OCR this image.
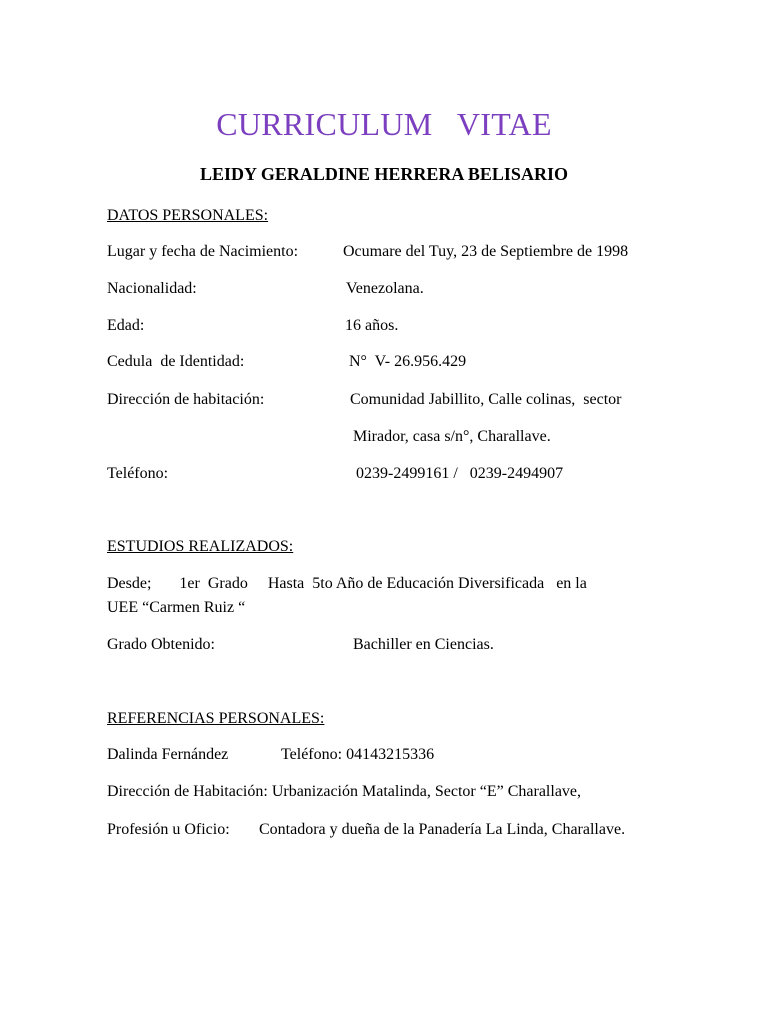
CURRICULUM   VITAE
LEIDY GERALDINE HERRERA BELISARIO
DATOS PERSONALES:
Lugar y fecha de Nacimiento:	Ocumare del Tuy, 23 de Septiembre de 1998
Nacionalidad:	Venezolana.
Edad:	16 años.
Cedula  de Identidad:	N°  V- 26.956.429
Dirección de habitación:	Comunidad Jabillito, Calle colinas,  sector
Mirador, casa s/n°, Charallave.
Teléfono:	0239-2499161 /   0239-2494907
ESTUDIOS REALIZADOS:
Desde;       1er  Grado     Hasta  5to Año de Educación Diversificada   en la
UEE “Carmen Ruiz “
Grado Obtenido:	Bachiller en Ciencias.
REFERENCIAS PERSONALES:
Dalinda Fernández	Teléfono: 04143215336
Dirección de Habitación: Urbanización Matalinda, Sector “E” Charallave,
Profesión u Oficio: Contadora y dueña de la Panadería La Linda, Charallave.
